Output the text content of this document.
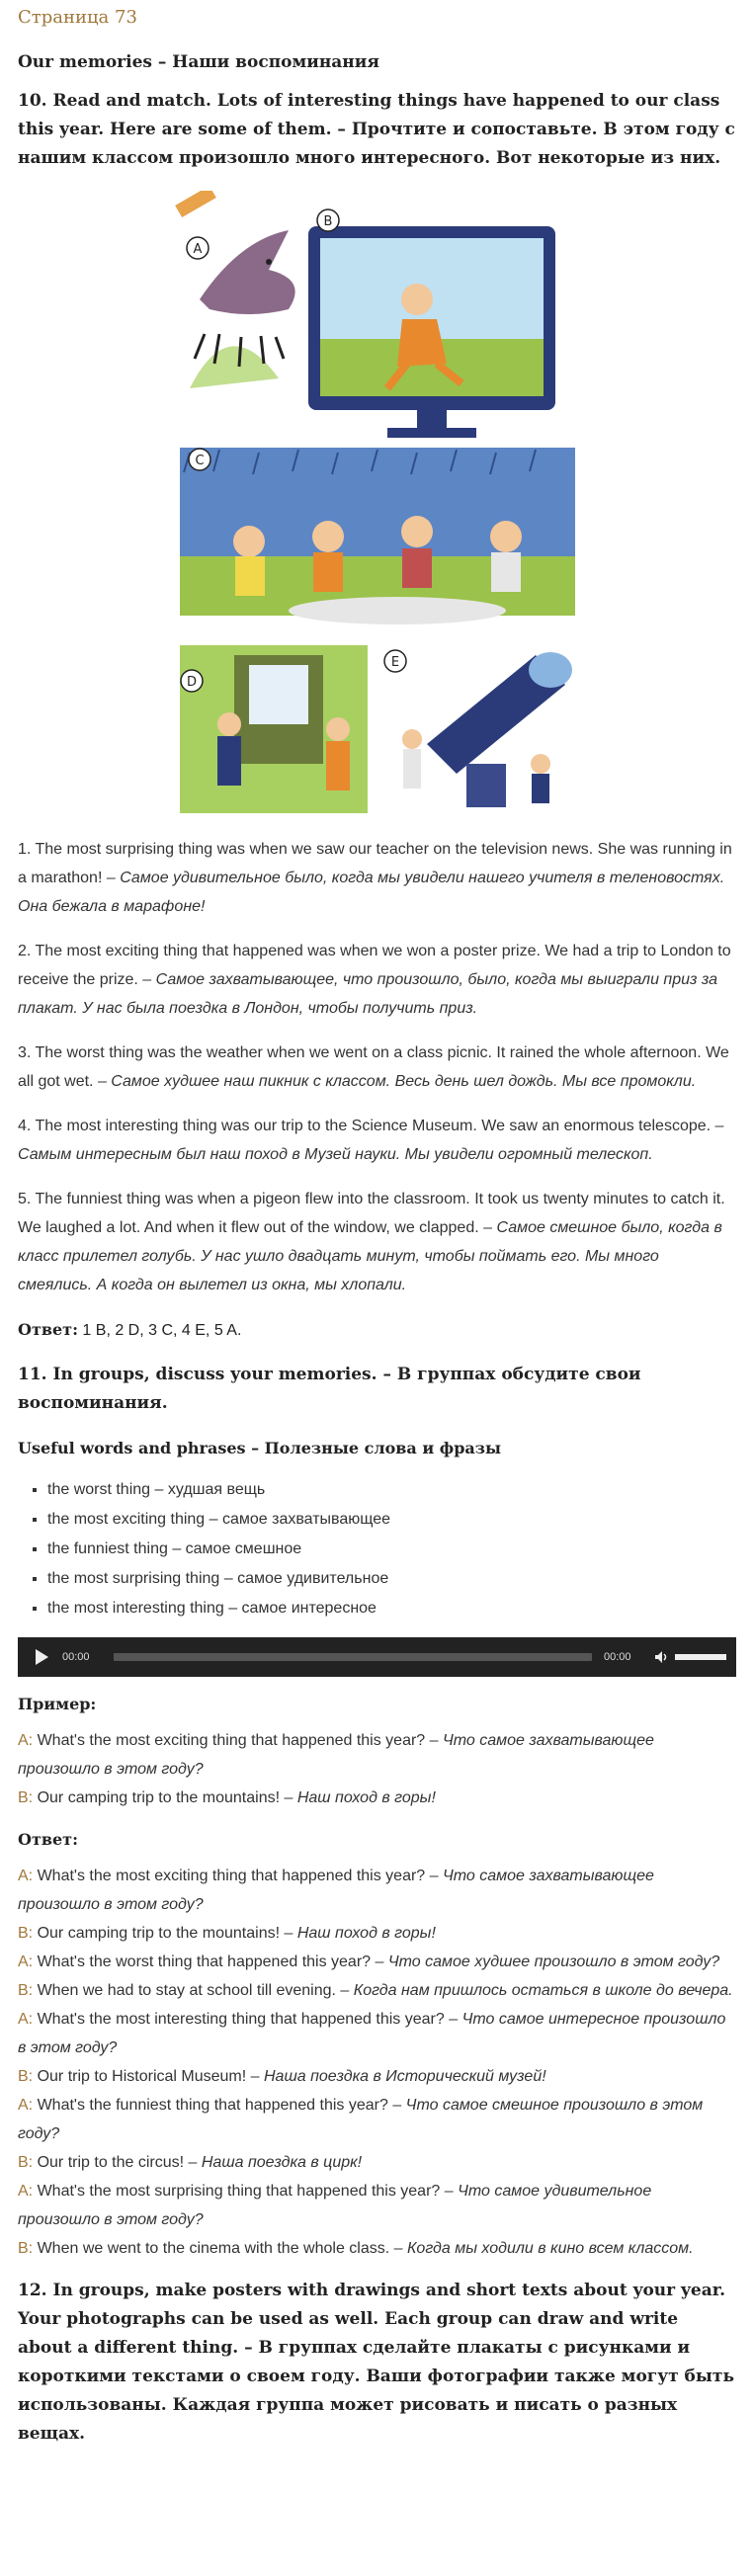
Страница 73
Our memories – Наши воспоминания
10. Read and match. Lots of interesting things have happened to our class this year. Here are some of them. – Прочтите и сопоставьте. В этом году с нашим классом произошло много интересного. Вот некоторые из них.
A
B
C
D
E

1. The most surprising thing was when we saw our teacher on the television news. She was running in a marathon! – Самое удивительное было, когда мы увидели нашего учителя в теленовостях. Она бежала в марафоне!

2. The most exciting thing that happened was when we won a poster prize. We had a trip to London to receive the prize. – Самое захватывающее, что произошло, было, когда мы выиграли приз за плакат. У нас была поездка в Лондон, чтобы получить приз.

3. The worst thing was the weather when we went on a class picnic. It rained the whole afternoon. We all got wet. – Самое худшее наш пикник с классом. Весь день шел дождь. Мы все промокли.

4. The most interesting thing was our trip to the Science Museum. We saw an enormous telescope. – Самым интересным был наш поход в Музей науки. Мы увидели огромный телескоп.

5. The funniest thing was when a pigeon flew into the classroom. It took us twenty minutes to catch it. We laughed a lot. And when it flew out of the window, we clapped. – Самое смешное было, когда в класс прилетел голубь. У нас ушло двадцать минут, чтобы поймать его. Мы много смеялись. А когда он вылетел из окна, мы хлопали.

Ответ: 1 B, 2 D, 3 C, 4 E, 5 A.

11. In groups, discuss your memories. – В группах обсудите свои воспоминания.
Useful words and phrases – Полезные слова и фразы
▪ the worst thing – худшая вещь
▪ the most exciting thing – самое захватывающее
▪ the funniest thing – самое смешное
▪ the most surprising thing – самое удивительное
▪ the most interesting thing – самое интересное
00:00	00:00
Пример:

A: What's the most exciting thing that happened this year? – Что самое захватывающее произошло в этом году?

B: Our camping trip to the mountains! – Наш поход в горы!

Ответ:

A: What's the most exciting thing that happened this year? – Что самое захватывающее произошло в этом году?

B: Our camping trip to the mountains! – Наш поход в горы!

A: What's the worst thing that happened this year? – Что самое худшее произошло в этом году?

B: When we had to stay at school till evening. – Когда нам пришлось остаться в школе до вечера.

A: What's the most interesting thing that happened this year? – Что самое интересное произошло в этом году?

B: Our trip to Historical Museum! – Наша поездка в Исторический музей!

A: What's the funniest thing that happened this year? – Что самое смешное произошло в этом году?

B: Our trip to the circus! – Наша поездка в цирк!

A: What's the most surprising thing that happened this year? – Что самое удивительное произошло в этом году?

B: When we went to the cinema with the whole class. – Когда мы ходили в кино всем классом.

12. In groups, make posters with drawings and short texts about your year. Your photographs can be used as well. Each group can draw and write about a different thing. – В группах сделайте плакаты с рисунками и короткими текстами о своем году. Ваши фотографии также могут быть использованы. Каждая группа может рисовать и писать о разных вещах.
